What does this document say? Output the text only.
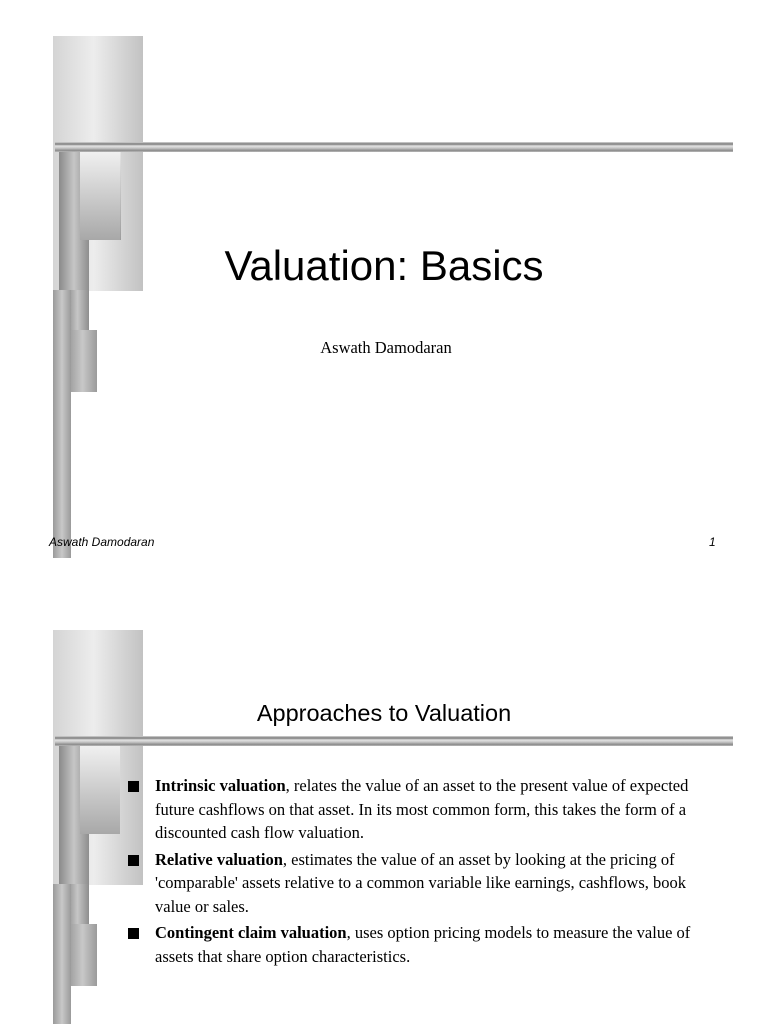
Valuation: Basics
Aswath Damodaran
Aswath Damodaran	1
Approaches to Valuation
Intrinsic valuation, relates the value of an asset to the present value of expected future cashflows on that asset. In its most common form, this takes the form of a discounted cash flow valuation.
Relative valuation, estimates the value of an asset by looking at the pricing of 'comparable' assets relative to a common variable like earnings, cashflows, book value or sales.
Contingent claim valuation, uses option pricing models to measure the value of assets that share option characteristics.
